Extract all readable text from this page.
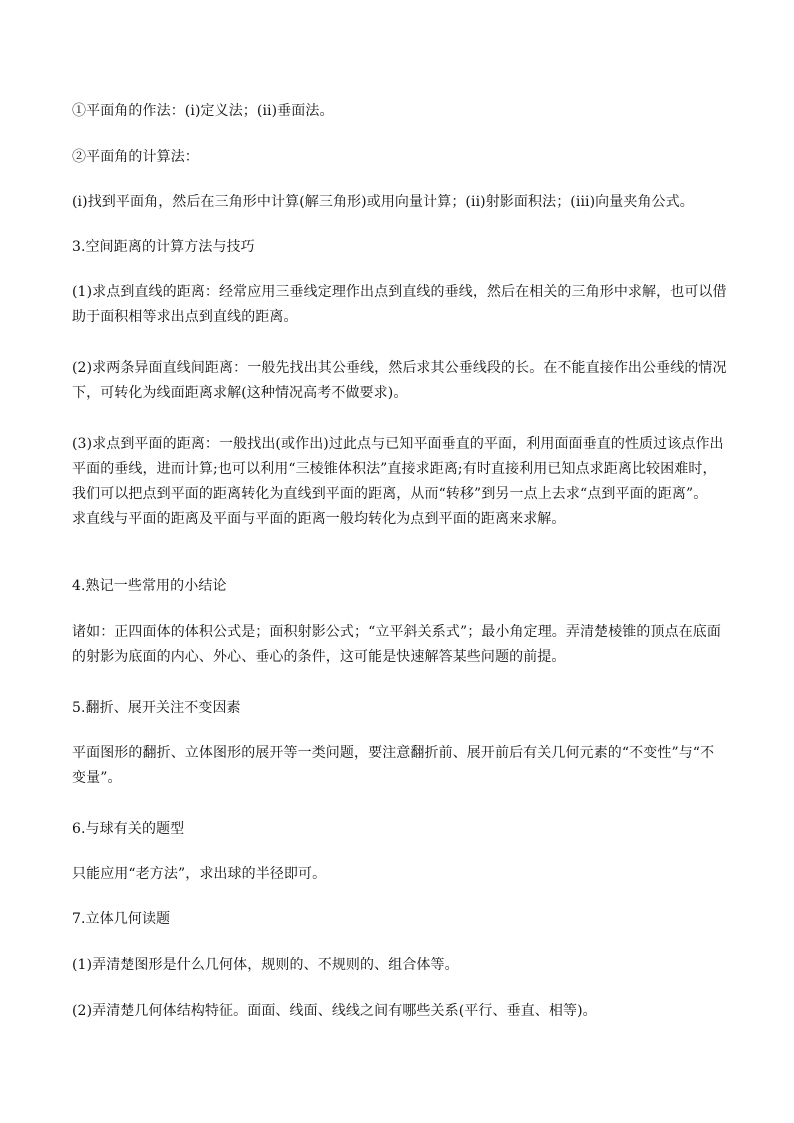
①平面角的作法：(i)定义法；(ii)垂面法。

②平面角的计算法：

(i)找到平面角，然后在三角形中计算(解三角形)或用向量计算；(ii)射影面积法；(iii)向量夹角公式。

3.空间距离的计算方法与技巧

(1)求点到直线的距离：经常应用三垂线定理作出点到直线的垂线，然后在相关的三角形中求解，也可以借
助于面积相等求出点到直线的距离。

(2)求两条异面直线间距离：一般先找出其公垂线，然后求其公垂线段的长。在不能直接作出公垂线的情况
下，可转化为线面距离求解(这种情况高考不做要求)。

(3)求点到平面的距离：一般找出(或作出)过此点与已知平面垂直的平面，利用面面垂直的性质过该点作出
平面的垂线，进而计算;也可以利用“三棱锥体积法”直接求距离;有时直接利用已知点求距离比较困难时，
我们可以把点到平面的距离转化为直线到平面的距离，从而“转移”到另一点上去求“点到平面的距离”。
求直线与平面的距离及平面与平面的距离一般均转化为点到平面的距离来求解。

4.熟记一些常用的小结论

诸如：正四面体的体积公式是；面积射影公式；“立平斜关系式”；最小角定理。弄清楚棱锥的顶点在底面
的射影为底面的内心、外心、垂心的条件，这可能是快速解答某些问题的前提。

5.翻折、展开关注不变因素

平面图形的翻折、立体图形的展开等一类问题，要注意翻折前、展开前后有关几何元素的“不变性”与“不
变量”。

6.与球有关的题型

只能应用“老方法”，求出球的半径即可。

7.立体几何读题

(1)弄清楚图形是什么几何体，规则的、不规则的、组合体等。

(2)弄清楚几何体结构特征。面面、线面、线线之间有哪些关系(平行、垂直、相等)。
